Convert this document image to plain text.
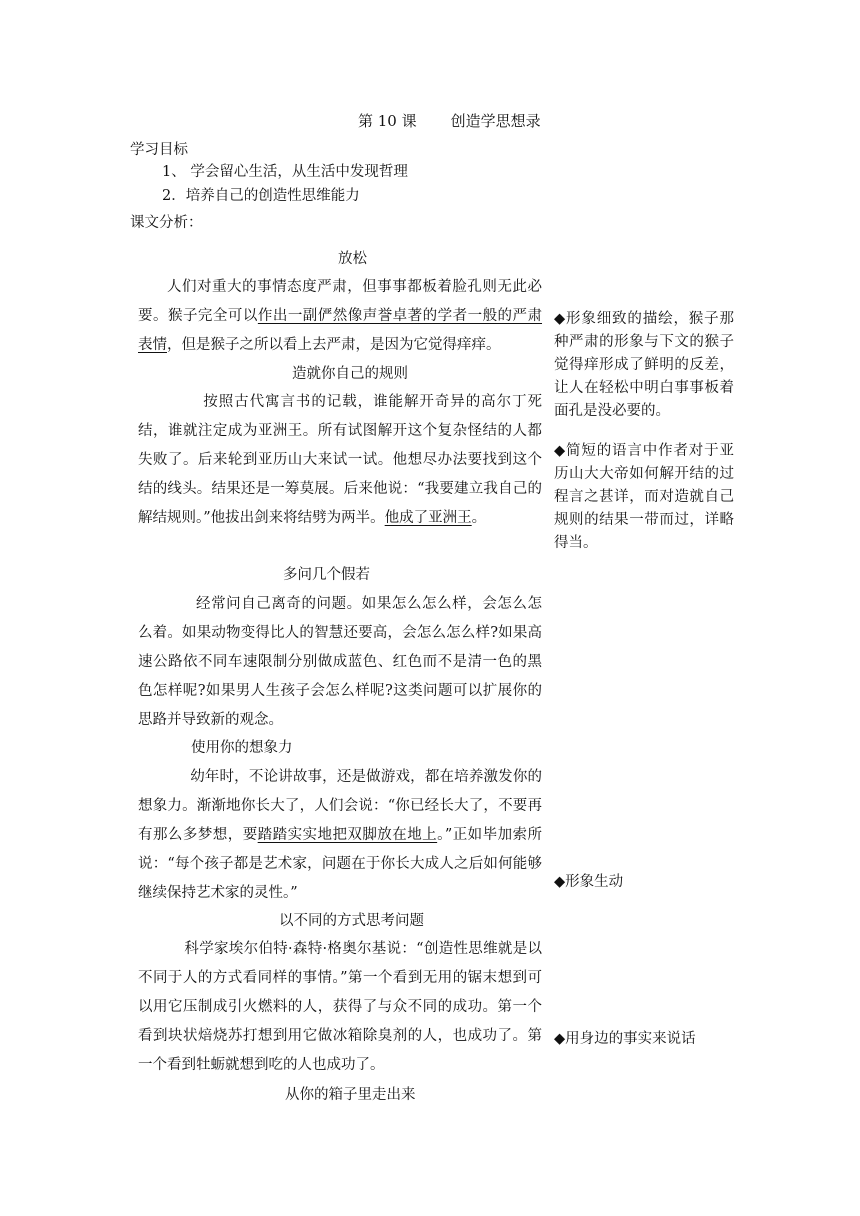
第 10 课 创造学思想录
学习目标
1、 学会留心生活，从生活中发现哲理
2．培养自己的创造性思维能力
课文分析：
放松

人们对重大的事情态度严肃，但事事都板着脸孔则无此必要。猴子完全可以作出一副俨然像声誉卓著的学者一般的严肃表情，但是猴子之所以看上去严肃，是因为它觉得痒痒。

造就你自己的规则

按照古代寓言书的记载，谁能解开奇异的高尔丁死结，谁就注定成为亚洲王。所有试图解开这个复杂怪结的人都失败了。后来轮到亚历山大来试一试。他想尽办法要找到这个结的线头。结果还是一筹莫展。后来他说：“我要建立我自己的解结规则。”他拔出剑来将结劈为两半。他成了亚洲王。

多问几个假若

经常问自己离奇的问题。如果怎么怎么样，会怎么怎么着。如果动物变得比人的智慧还要高，会怎么怎么样?如果高速公路依不同车速限制分别做成蓝色、红色而不是清一色的黑色怎样呢?如果男人生孩子会怎么样呢?这类问题可以扩展你的思路并导致新的观念。

使用你的想象力

幼年时，不论讲故事，还是做游戏，都在培养激发你的想象力。渐渐地你长大了，人们会说：“你已经长大了，不要再有那么多梦想，要踏踏实实地把双脚放在地上。”正如毕加索所说：“每个孩子都是艺术家，问题在于你长大成人之后如何能够继续保持艺术家的灵性。”

以不同的方式思考问题

科学家埃尔伯特·森特·格奥尔基说：“创造性思维就是以不同于人的方式看同样的事情。”第一个看到无用的锯末想到可以用它压制成引火燃料的人，获得了与众不同的成功。第一个看到块状焙烧苏打想到用它做冰箱除臭剂的人，也成功了。第一个看到牡蛎就想到吃的人也成功了。

从你的箱子里走出来

◆形象细致的描绘，猴子那种严肃的形象与下文的猴子觉得痒形成了鲜明的反差，让人在轻松中明白事事板着面孔是没必要的。

◆简短的语言中作者对于亚历山大大帝如何解开结的过程言之甚详，而对造就自己规则的结果一带而过，详略得当。

◆形象生动

◆用身边的事实来说话
